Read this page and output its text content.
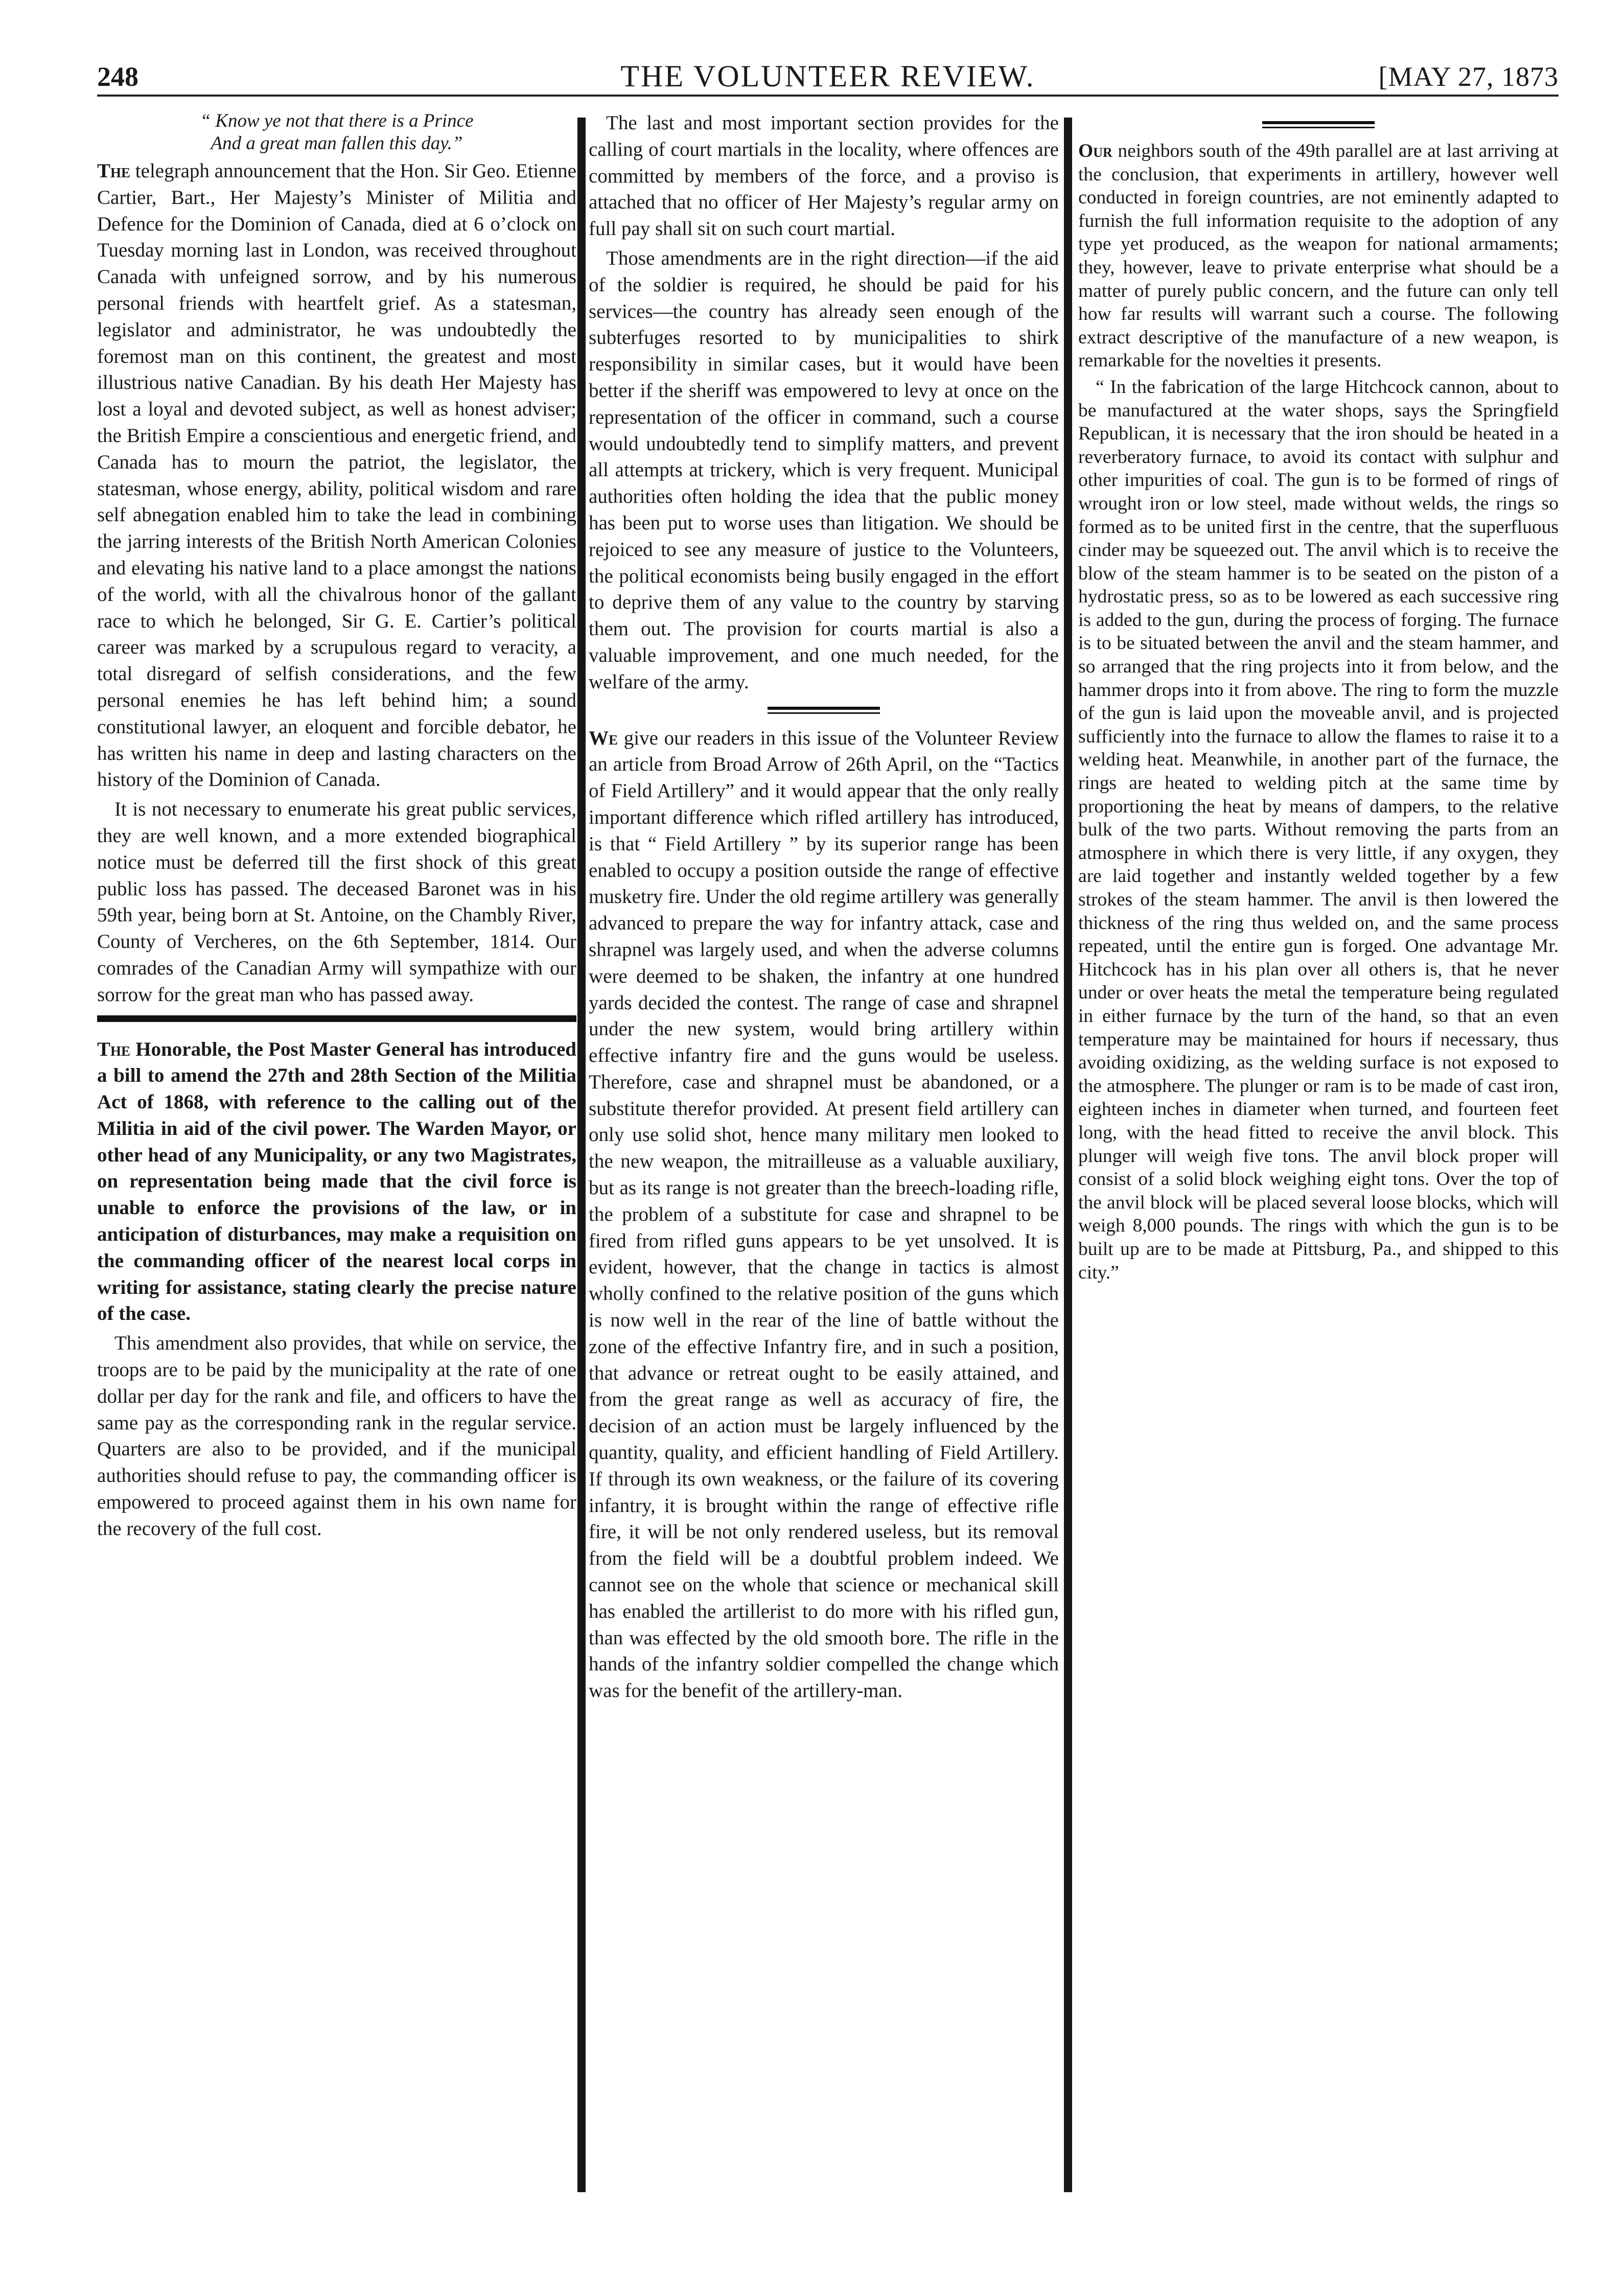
248	THE VOLUNTEER REVIEW.	[MAY 27, 1873
“ Know ye not that there is a Prince
And a great man fallen this day.”

The telegraph announcement that the Hon. Sir Geo. Etienne Cartier, Bart., Her Majesty’s Minister of Militia and Defence for the Dominion of Canada, died at 6 o’clock on Tuesday morning last in London, was received throughout Canada with unfeigned sorrow, and by his numerous personal friends with heartfelt grief. As a statesman, legislator and administrator, he was undoubtedly the foremost man on this continent, the greatest and most illustrious native Canadian. By his death Her Majesty has lost a loyal and devoted subject, as well as honest adviser; the British Empire a conscientious and energetic friend, and Canada has to mourn the patriot, the legislator, the statesman, whose energy, ability, political wisdom and rare self abnegation enabled him to take the lead in combining the jarring interests of the British North American Colonies and elevating his native land to a place amongst the nations of the world, with all the chivalrous honor of the gallant race to which he belonged, Sir G. E. Cartier’s political career was marked by a scrupulous regard to veracity, a total disregard of selfish considerations, and the few personal enemies he has left behind him; a sound constitutional lawyer, an eloquent and forcible debator, he has written his name in deep and lasting characters on the history of the Dominion of Canada.

It is not necessary to enumerate his great public services, they are well known, and a more extended biographical notice must be deferred till the first shock of this great public loss has passed. The deceased Baronet was in his 59th year, being born at St. Antoine, on the Chambly River, County of Vercheres, on the 6th September, 1814. Our comrades of the Canadian Army will sympathize with our sorrow for the great man who has passed away.

The Honorable, the Post Master General has introduced a bill to amend the 27th and 28th Section of the Militia Act of 1868, with reference to the calling out of the Militia in aid of the civil power. The Warden Mayor, or other head of any Municipality, or any two Magistrates, on representation being made that the civil force is unable to enforce the provisions of the law, or in anticipation of disturbances, may make a requisition on the commanding officer of the nearest local corps in writing for assistance, stating clearly the precise nature of the case.

This amendment also provides, that while on service, the troops are to be paid by the municipality at the rate of one dollar per day for the rank and file, and officers to have the same pay as the corresponding rank in the regular service. Quarters are also to be provided, and if the municipal authorities should refuse to pay, the commanding officer is empowered to proceed against them in his own name for the recovery of the full cost.

The last and most important section provides for the calling of court martials in the locality, where offences are committed by members of the force, and a proviso is attached that no officer of Her Majesty’s regular army on full pay shall sit on such court martial.

Those amendments are in the right direction—if the aid of the soldier is required, he should be paid for his services—the country has already seen enough of the subterfuges resorted to by municipalities to shirk responsibility in similar cases, but it would have been better if the sheriff was empowered to levy at once on the representation of the officer in command, such a course would undoubtedly tend to simplify matters, and prevent all attempts at trickery, which is very frequent. Municipal authorities often holding the idea that the public money has been put to worse uses than litigation. We should be rejoiced to see any measure of justice to the Volunteers, the political economists being busily engaged in the effort to deprive them of any value to the country by starving them out. The provision for courts martial is also a valuable improvement, and one much needed, for the welfare of the army.

We give our readers in this issue of the Volunteer Review an article from Broad Arrow of 26th April, on the “Tactics of Field Artillery” and it would appear that the only really important difference which rifled artillery has introduced, is that “ Field Artillery ” by its superior range has been enabled to occupy a position outside the range of effective musketry fire. Under the old regime artillery was generally advanced to prepare the way for infantry attack, case and shrapnel was largely used, and when the adverse columns were deemed to be shaken, the infantry at one hundred yards decided the contest. The range of case and shrapnel under the new system, would bring artillery within effective infantry fire and the guns would be useless. Therefore, case and shrapnel must be abandoned, or a substitute therefor provided. At present field artillery can only use solid shot, hence many military men looked to the new weapon, the mitrailleuse as a valuable auxiliary, but as its range is not greater than the breech-loading rifle, the problem of a substitute for case and shrapnel to be fired from rifled guns appears to be yet unsolved. It is evident, however, that the change in tactics is almost wholly confined to the relative position of the guns which is now well in the rear of the line of battle without the zone of the effective Infantry fire, and in such a position, that advance or retreat ought to be easily attained, and from the great range as well as accuracy of fire, the decision of an action must be largely influenced by the quantity, quality, and efficient handling of Field Artillery. If through its own weakness, or the failure of its covering infantry, it is brought within the range of effective rifle fire, it will be not only rendered useless, but its removal from the field will be a doubtful problem indeed. We cannot see on the whole that science or mechanical skill has enabled the artillerist to do more with his rifled gun, than was effected by the old smooth bore. The rifle in the hands of the infantry soldier compelled the change which was for the benefit of the artillery-man.

Our neighbors south of the 49th parallel are at last arriving at the conclusion, that experiments in artillery, however well conducted in foreign countries, are not eminently adapted to furnish the full information requisite to the adoption of any type yet produced, as the weapon for national armaments; they, however, leave to private enterprise what should be a matter of purely public concern, and the future can only tell how far results will warrant such a course. The following extract descriptive of the manufacture of a new weapon, is remarkable for the novelties it presents.

“ In the fabrication of the large Hitchcock cannon, about to be manufactured at the water shops, says the Springfield Republican, it is necessary that the iron should be heated in a reverberatory furnace, to avoid its contact with sulphur and other impurities of coal. The gun is to be formed of rings of wrought iron or low steel, made without welds, the rings so formed as to be united first in the centre, that the superfluous cinder may be squeezed out. The anvil which is to receive the blow of the steam hammer is to be seated on the piston of a hydrostatic press, so as to be lowered as each successive ring is added to the gun, during the process of forging. The furnace is to be situated between the anvil and the steam hammer, and so arranged that the ring projects into it from below, and the hammer drops into it from above. The ring to form the muzzle of the gun is laid upon the moveable anvil, and is projected sufficiently into the furnace to allow the flames to raise it to a welding heat. Meanwhile, in another part of the furnace, the rings are heated to welding pitch at the same time by proportioning the heat by means of dampers, to the relative bulk of the two parts. Without removing the parts from an atmosphere in which there is very little, if any oxygen, they are laid together and instantly welded together by a few strokes of the steam hammer. The anvil is then lowered the thickness of the ring thus welded on, and the same process repeated, until the entire gun is forged. One advantage Mr. Hitchcock has in his plan over all others is, that he never under or over heats the metal the temperature being regulated in either furnace by the turn of the hand, so that an even temperature may be maintained for hours if necessary, thus avoiding oxidizing, as the welding surface is not exposed to the atmosphere. The plunger or ram is to be made of cast iron, eighteen inches in diameter when turned, and fourteen feet long, with the head fitted to receive the anvil block. This plunger will weigh five tons. The anvil block proper will consist of a solid block weighing eight tons. Over the top of the anvil block will be placed several loose blocks, which will weigh 8,000 pounds. The rings with which the gun is to be built up are to be made at Pittsburg, Pa., and shipped to this city.”
